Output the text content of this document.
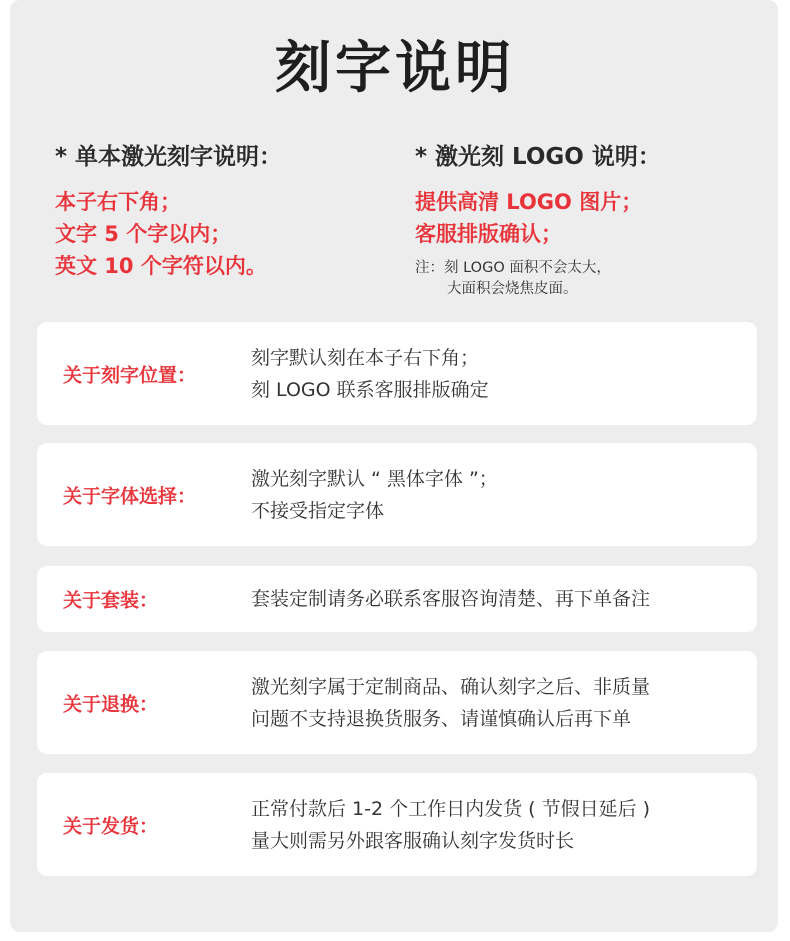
刻字说明
* 单本激光刻字说明：
本子右下角；
文字 5 个字以内；
英文 10 个字符以内。
* 激光刻 LOGO 说明：
提供高清 LOGO 图片；
客服排版确认；
注：刻 LOGO 面积不会太大，
大面积会烧焦皮面。
关于刻字位置：
刻字默认刻在本子右下角；
刻 LOGO 联系客服排版确定
关于字体选择：
激光刻字默认 “ 黑体字体 ”；
不接受指定字体
关于套装：	套装定制请务必联系客服咨询清楚、再下单备注
关于退换：
激光刻字属于定制商品、确认刻字之后、非质量
问题不支持退换货服务、请谨慎确认后再下单
关于发货：
正常付款后 1-2 个工作日内发货 ( 节假日延后 )
量大则需另外跟客服确认刻字发货时长
